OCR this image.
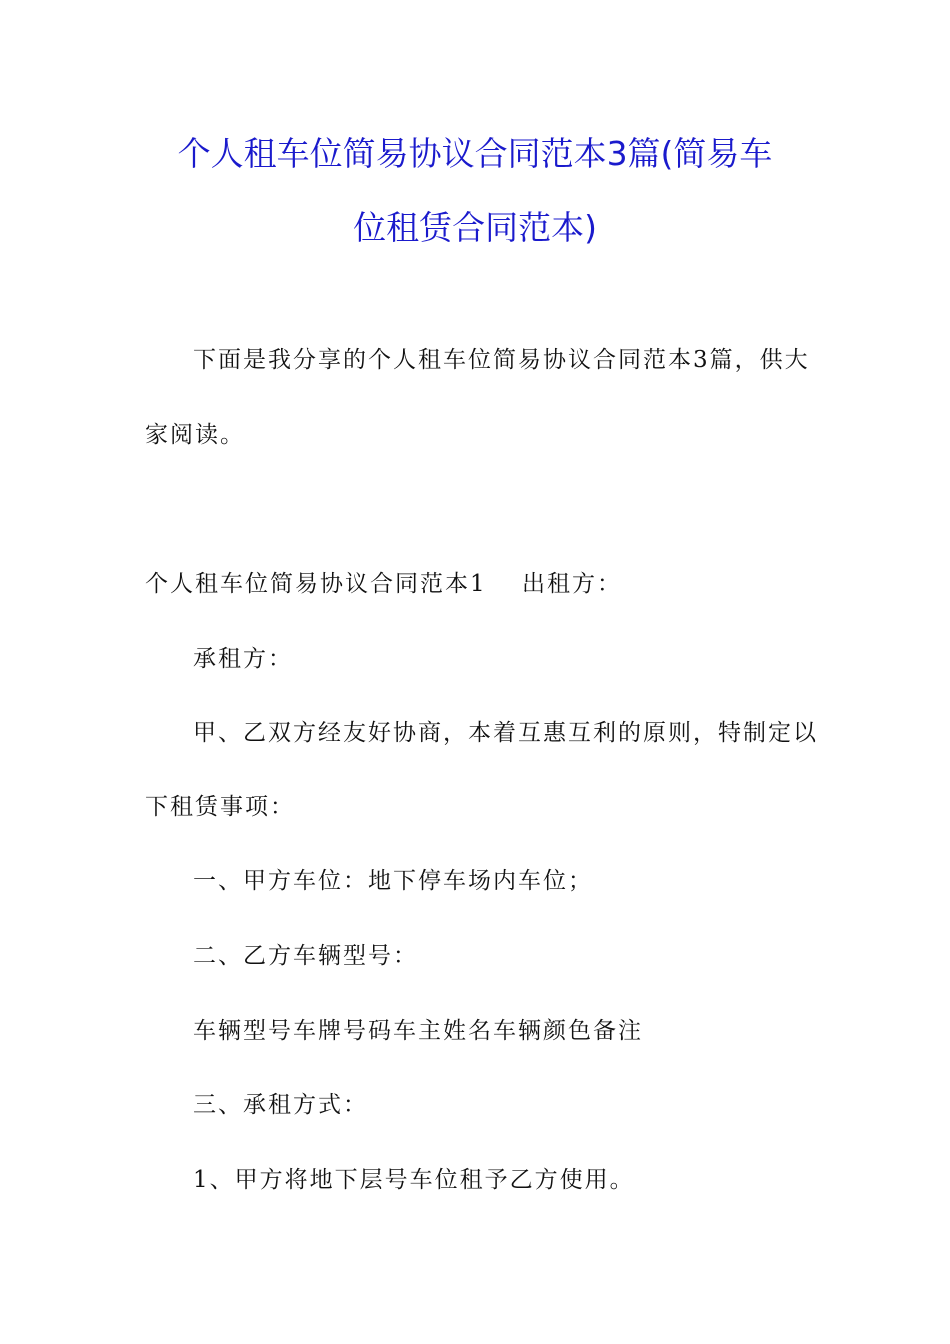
个人租车位简易协议合同范本3篇(简易车
位租赁合同范本)
下面是我分享的个人租车位简易协议合同范本3篇，供大
家阅读。
个人租车位简易协议合同范本1 出租方：
承租方：
甲、乙双方经友好协商，本着互惠互利的原则，特制定以
下租赁事项：
一、甲方车位：地下停车场内车位；
二、乙方车辆型号：
车辆型号车牌号码车主姓名车辆颜色备注
三、承租方式：
1、甲方将地下层号车位租予乙方使用。
